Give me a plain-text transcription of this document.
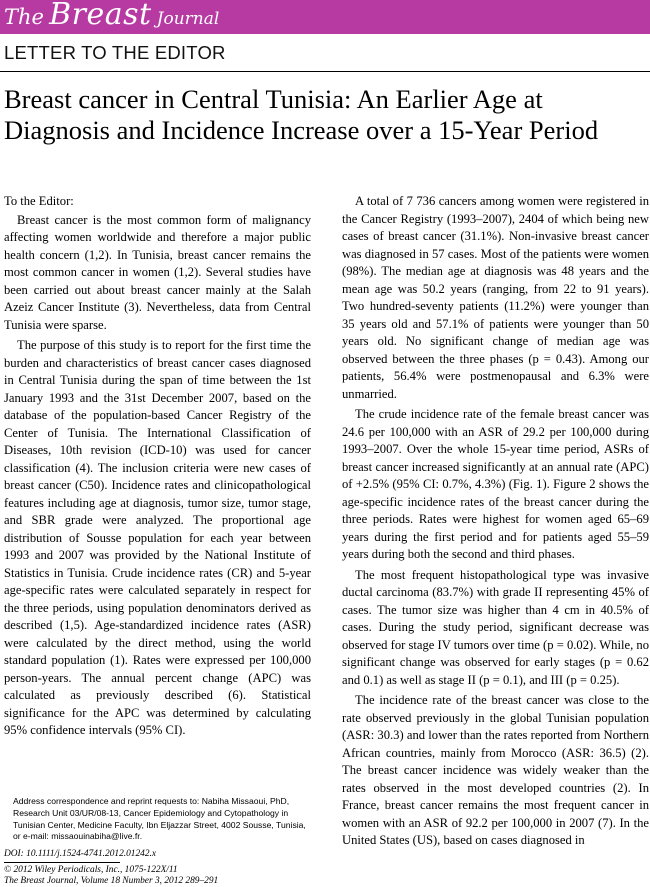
The Breast Journal
LETTER TO THE EDITOR
Breast cancer in Central Tunisia: An Earlier Age at Diagnosis and Incidence Increase over a 15-Year Period

To the Editor:

Breast cancer is the most common form of malignancy affecting women worldwide and therefore a major public health concern (1,2). In Tunisia, breast cancer remains the most common cancer in women (1,2). Several studies have been carried out about breast cancer mainly at the Salah Azeiz Cancer Institute (3). Nevertheless, data from Central Tunisia were sparse.

The purpose of this study is to report for the first time the burden and characteristics of breast cancer cases diagnosed in Central Tunisia during the span of time between the 1st January 1993 and the 31st December 2007, based on the database of the population-based Cancer Registry of the Center of Tunisia. The International Classification of Diseases, 10th revision (ICD-10) was used for cancer classification (4). The inclusion criteria were new cases of breast cancer (C50). Incidence rates and clinicopathological features including age at diagnosis, tumor size, tumor stage, and SBR grade were analyzed. The proportional age distribution of Sousse population for each year between 1993 and 2007 was provided by the National Institute of Statistics in Tunisia. Crude incidence rates (CR) and 5-year age-specific rates were calculated separately in respect for the three periods, using population denominators derived as described (1,5). Age-standardized incidence rates (ASR) were calculated by the direct method, using the world standard population (1). Rates were expressed per 100,000 person-years. The annual percent change (APC) was calculated as previously described (6). Statistical significance for the APC was determined by calculating 95% confidence intervals (95% CI).

A total of 7 736 cancers among women were registered in the Cancer Registry (1993–2007), 2404 of which being new cases of breast cancer (31.1%). Non-invasive breast cancer was diagnosed in 57 cases. Most of the patients were women (98%). The median age at diagnosis was 48 years and the mean age was 50.2 years (ranging, from 22 to 91 years). Two hundred-seventy patients (11.2%) were younger than 35 years old and 57.1% of patients were younger than 50 years old. No significant change of median age was observed between the three phases (p = 0.43). Among our patients, 56.4% were postmenopausal and 6.3% were unmarried.

The crude incidence rate of the female breast cancer was 24.6 per 100,000 with an ASR of 29.2 per 100,000 during 1993–2007. Over the whole 15-year time period, ASRs of breast cancer increased significantly at an annual rate (APC) of +2.5% (95% CI: 0.7%, 4.3%) (Fig. 1). Figure 2 shows the age-specific incidence rates of the breast cancer during the three periods. Rates were highest for women aged 65–69 years during the first period and for patients aged 55–59 years during both the second and third phases.

The most frequent histopathological type was invasive ductal carcinoma (83.7%) with grade II representing 45% of cases. The tumor size was higher than 4 cm in 40.5% of cases. During the study period, significant decrease was observed for stage IV tumors over time (p = 0.02). While, no significant change was observed for early stages (p = 0.62 and 0.1) as well as stage II (p = 0.1), and III (p = 0.25).

The incidence rate of the breast cancer was close to the rate observed previously in the global Tunisian population (ASR: 30.3) and lower than the rates reported from Northern African countries, mainly from Morocco (ASR: 36.5) (2). The breast cancer incidence was widely weaker than the rates observed in the most developed countries (2). In France, breast cancer remains the most frequent cancer in women with an ASR of 92.2 per 100,000 in 2007 (7). In the United States (US), based on cases diagnosed in

Address correspondence and reprint requests to: Nabiha Missaoui, PhD, Research Unit 03/UR/08-13, Cancer Epidemiology and Cytopathology in Tunisian Center, Medicine Faculty, Ibn Eljazzar Street, 4002 Sousse, Tunisia, or e-mail: missaouinabiha@live.fr.
DOI: 10.1111/j.1524-4741.2012.01242.x
© 2012 Wiley Periodicals, Inc., 1075-122X/11
The Breast Journal, Volume 18 Number 3, 2012 289–291
